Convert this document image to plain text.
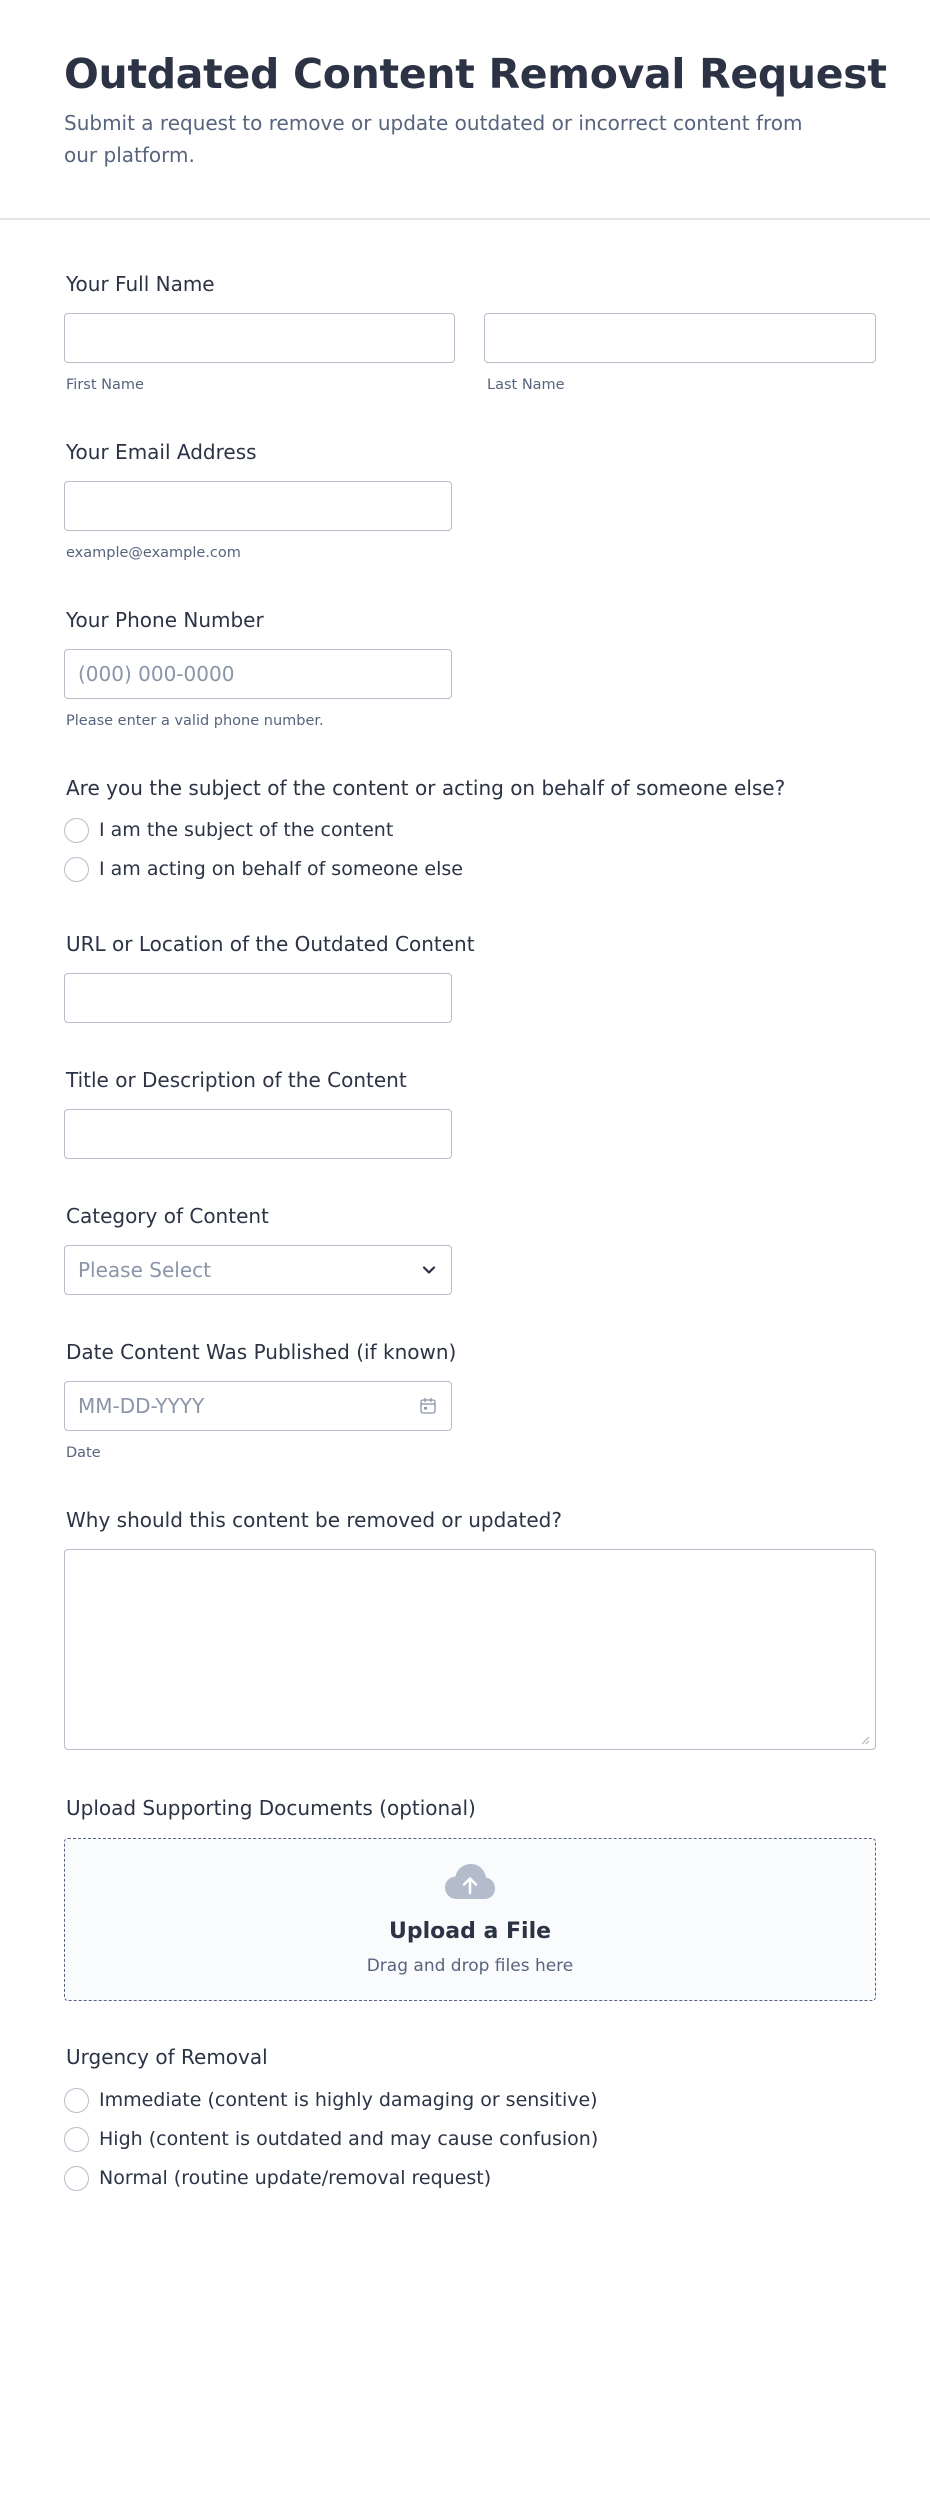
Outdated Content Removal Request

Submit a request to remove or update outdated or incorrect content from our platform.

Your Full Name
First Name	Last Name
Your Email Address
example@example.com
Your Phone Number
(000) 000-0000
Please enter a valid phone number.
Are you the subject of the content or acting on behalf of someone else?
I am the subject of the content
I am acting on behalf of someone else
URL or Location of the Outdated Content
Title or Description of the Content
Category of Content
Please Select
Date Content Was Published (if known)
MM-DD-YYYY
Date
Why should this content be removed or updated?
Upload Supporting Documents (optional)
Upload a File
Drag and drop files here
Urgency of Removal
Immediate (content is highly damaging or sensitive)
High (content is outdated and may cause confusion)
Normal (routine update/removal request)
